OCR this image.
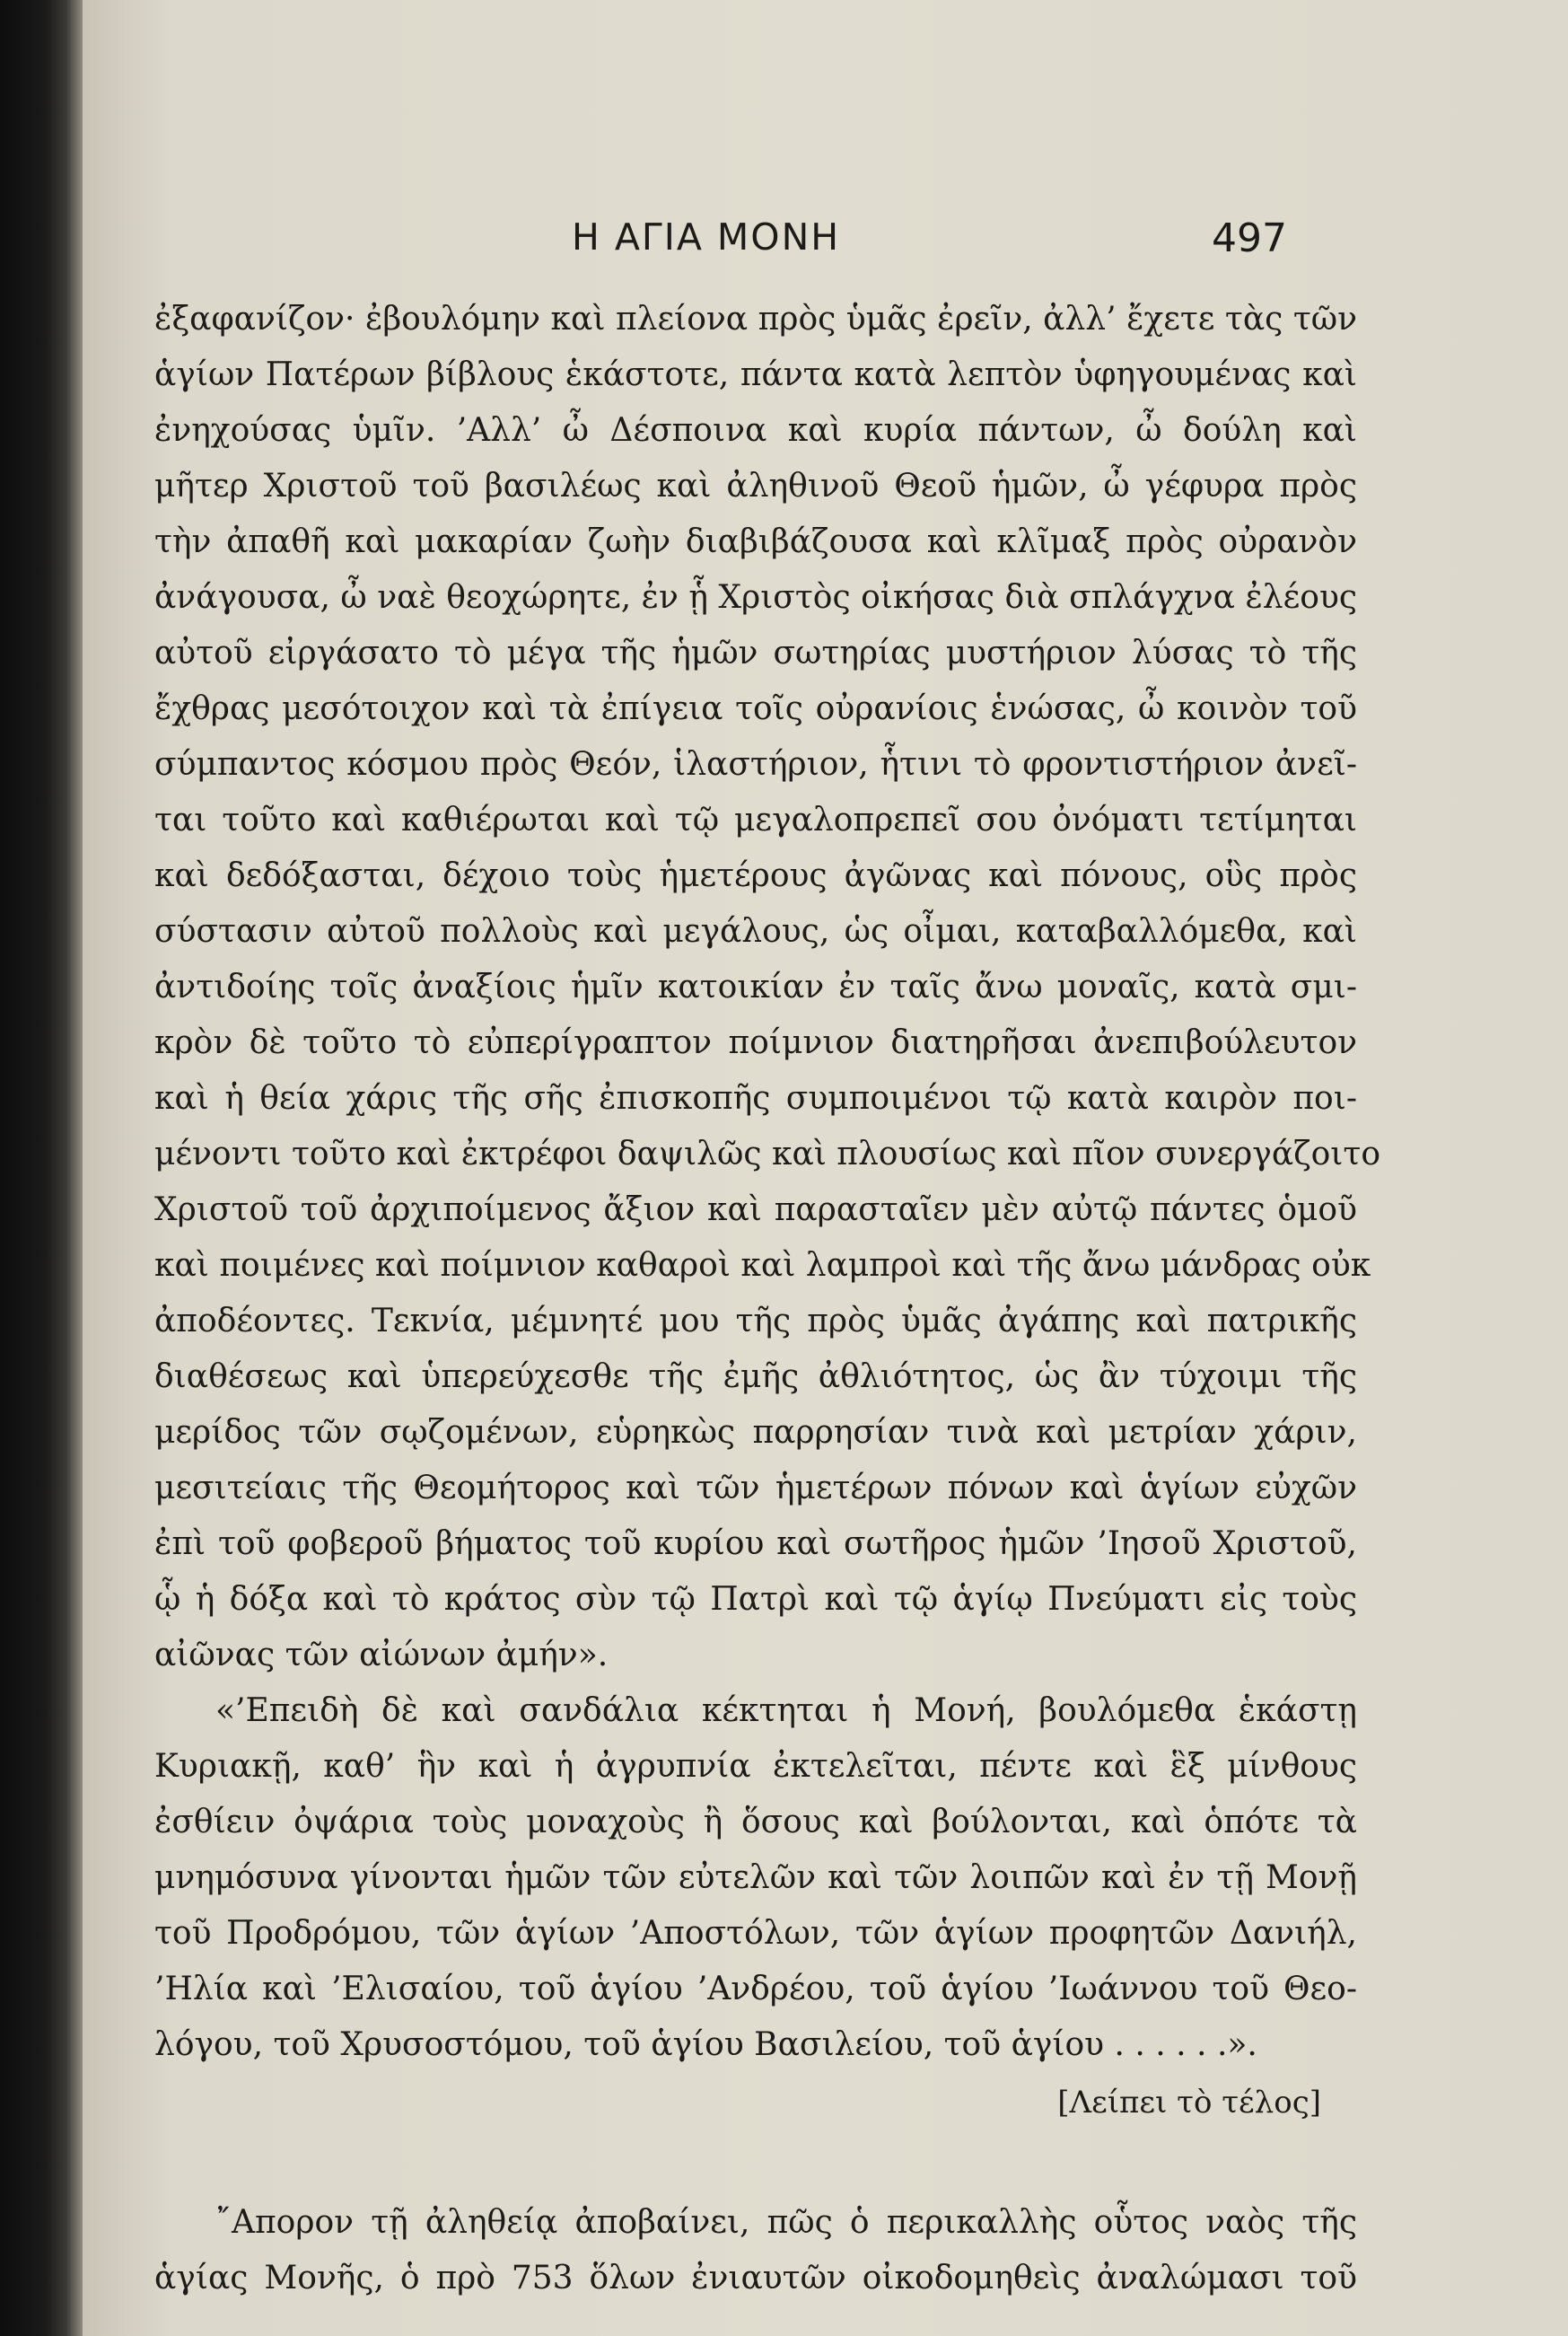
Η ΑΓΙΑ ΜΟΝΗ	497
ἐξαφανίζον· ἐβουλόμην καὶ πλείονα πρὸς ὑμᾶς ἐρεῖν, ἀλλ’ ἔχετε τὰς τῶν
ἁγίων Πατέρων βίβλους ἑκάστοτε, πάντα κατὰ λεπτὸν ὑφηγουμένας καὶ
ἐνηχούσας ὑμῖν. ’Αλλ’ ὦ Δέσποινα καὶ κυρία πάντων, ὦ δούλη καὶ
μῆτερ Χριστοῦ τοῦ βασιλέως καὶ ἀληθινοῦ Θεοῦ ἡμῶν, ὦ γέφυρα πρὸς
τὴν ἀπαθῆ καὶ μακαρίαν ζωὴν διαβιβάζουσα καὶ κλῖμαξ πρὸς οὐρανὸν
ἀνάγουσα, ὦ ναὲ θεοχώρητε, ἐν ᾗ Χριστὸς οἰκήσας διὰ σπλάγχνα ἐλέους
αὐτοῦ εἰργάσατο τὸ μέγα τῆς ἡμῶν σωτηρίας μυστήριον λύσας τὸ τῆς
ἔχθρας μεσότοιχον καὶ τὰ ἐπίγεια τοῖς οὐρανίοις ἑνώσας, ὦ κοινὸν τοῦ
σύμπαντος κόσμου πρὸς Θεόν, ἱλαστήριον, ἧτινι τὸ φροντιστήριον ἀνεῖ-
ται τοῦτο καὶ καθιέρωται καὶ τῷ μεγαλοπρεπεῖ σου ὀνόματι τετίμηται
καὶ δεδόξασται, δέχοιο τοὺς ἡμετέρους ἀγῶνας καὶ πόνους, οὓς πρὸς
σύστασιν αὐτοῦ πολλοὺς καὶ μεγάλους, ὡς οἶμαι, καταβαλλόμεθα, καὶ
ἀντιδοίης τοῖς ἀναξίοις ἡμῖν κατοικίαν ἐν ταῖς ἄνω μοναῖς, κατὰ σμι-
κρὸν δὲ τοῦτο τὸ εὐπερίγραπτον ποίμνιον διατηρῆσαι ἀνεπιβούλευτον
καὶ ἡ θεία χάρις τῆς σῆς ἐπισκοπῆς συμποιμένοι τῷ κατὰ καιρὸν ποι-
μένοντι τοῦτο καὶ ἐκτρέφοι δαψιλῶς καὶ πλουσίως καὶ πῖον συνεργάζοιτο
Χριστοῦ τοῦ ἀρχιποίμενος ἄξιον καὶ παρασταῖεν μὲν αὐτῷ πάντες ὁμοῦ
καὶ ποιμένες καὶ ποίμνιον καθαροὶ καὶ λαμπροὶ καὶ τῆς ἄνω μάνδρας οὐκ
ἀποδέοντες. Τεκνία, μέμνητέ μου τῆς πρὸς ὑμᾶς ἀγάπης καὶ πατρικῆς
διαθέσεως καὶ ὑπερεύχεσθε τῆς ἐμῆς ἀθλιότητος, ὡς ἂν τύχοιμι τῆς
μερίδος τῶν σῳζομένων, εὑρηκὼς παρρησίαν τινὰ καὶ μετρίαν χάριν,
μεσιτείαις τῆς Θεομήτορος καὶ τῶν ἡμετέρων πόνων καὶ ἁγίων εὐχῶν
ἐπὶ τοῦ φοβεροῦ βήματος τοῦ κυρίου καὶ σωτῆρος ἡμῶν ’Ιησοῦ Χριστοῦ,
ᾧ ἡ δόξα καὶ τὸ κράτος σὺν τῷ Πατρὶ καὶ τῷ ἁγίῳ Πνεύματι εἰς τοὺς
αἰῶνας τῶν αἰώνων ἀμήν».
«’Επειδὴ δὲ καὶ σανδάλια κέκτηται ἡ Μονή, βουλόμεθα ἑκάστῃ
Κυριακῇ, καθ’ ἣν καὶ ἡ ἀγρυπνία ἐκτελεῖται, πέντε καὶ ἓξ μίνθους
ἐσθίειν ὀψάρια τοὺς μοναχοὺς ἢ ὅσους καὶ βούλονται, καὶ ὁπότε τὰ
μνημόσυνα γίνονται ἡμῶν τῶν εὐτελῶν καὶ τῶν λοιπῶν καὶ ἐν τῇ Μονῇ
τοῦ Προδρόμου, τῶν ἁγίων ’Αποστόλων, τῶν ἁγίων προφητῶν Δανιήλ,
’Ηλία καὶ ’Ελισαίου, τοῦ ἁγίου ’Ανδρέου, τοῦ ἁγίου ’Ιωάννου τοῦ Θεο-
λόγου, τοῦ Χρυσοστόμου, τοῦ ἁγίου Βασιλείου, τοῦ ἁγίου . . . . . .».
[Λείπει τὸ τέλος]
῎Απορον τῇ ἀληθείᾳ ἀποβαίνει, πῶς ὁ περικαλλὴς οὗτος ναὸς τῆς
ἁγίας Μονῆς, ὁ πρὸ 753 ὅλων ἐνιαυτῶν οἰκοδομηθεὶς ἀναλώμασι τοῦ
